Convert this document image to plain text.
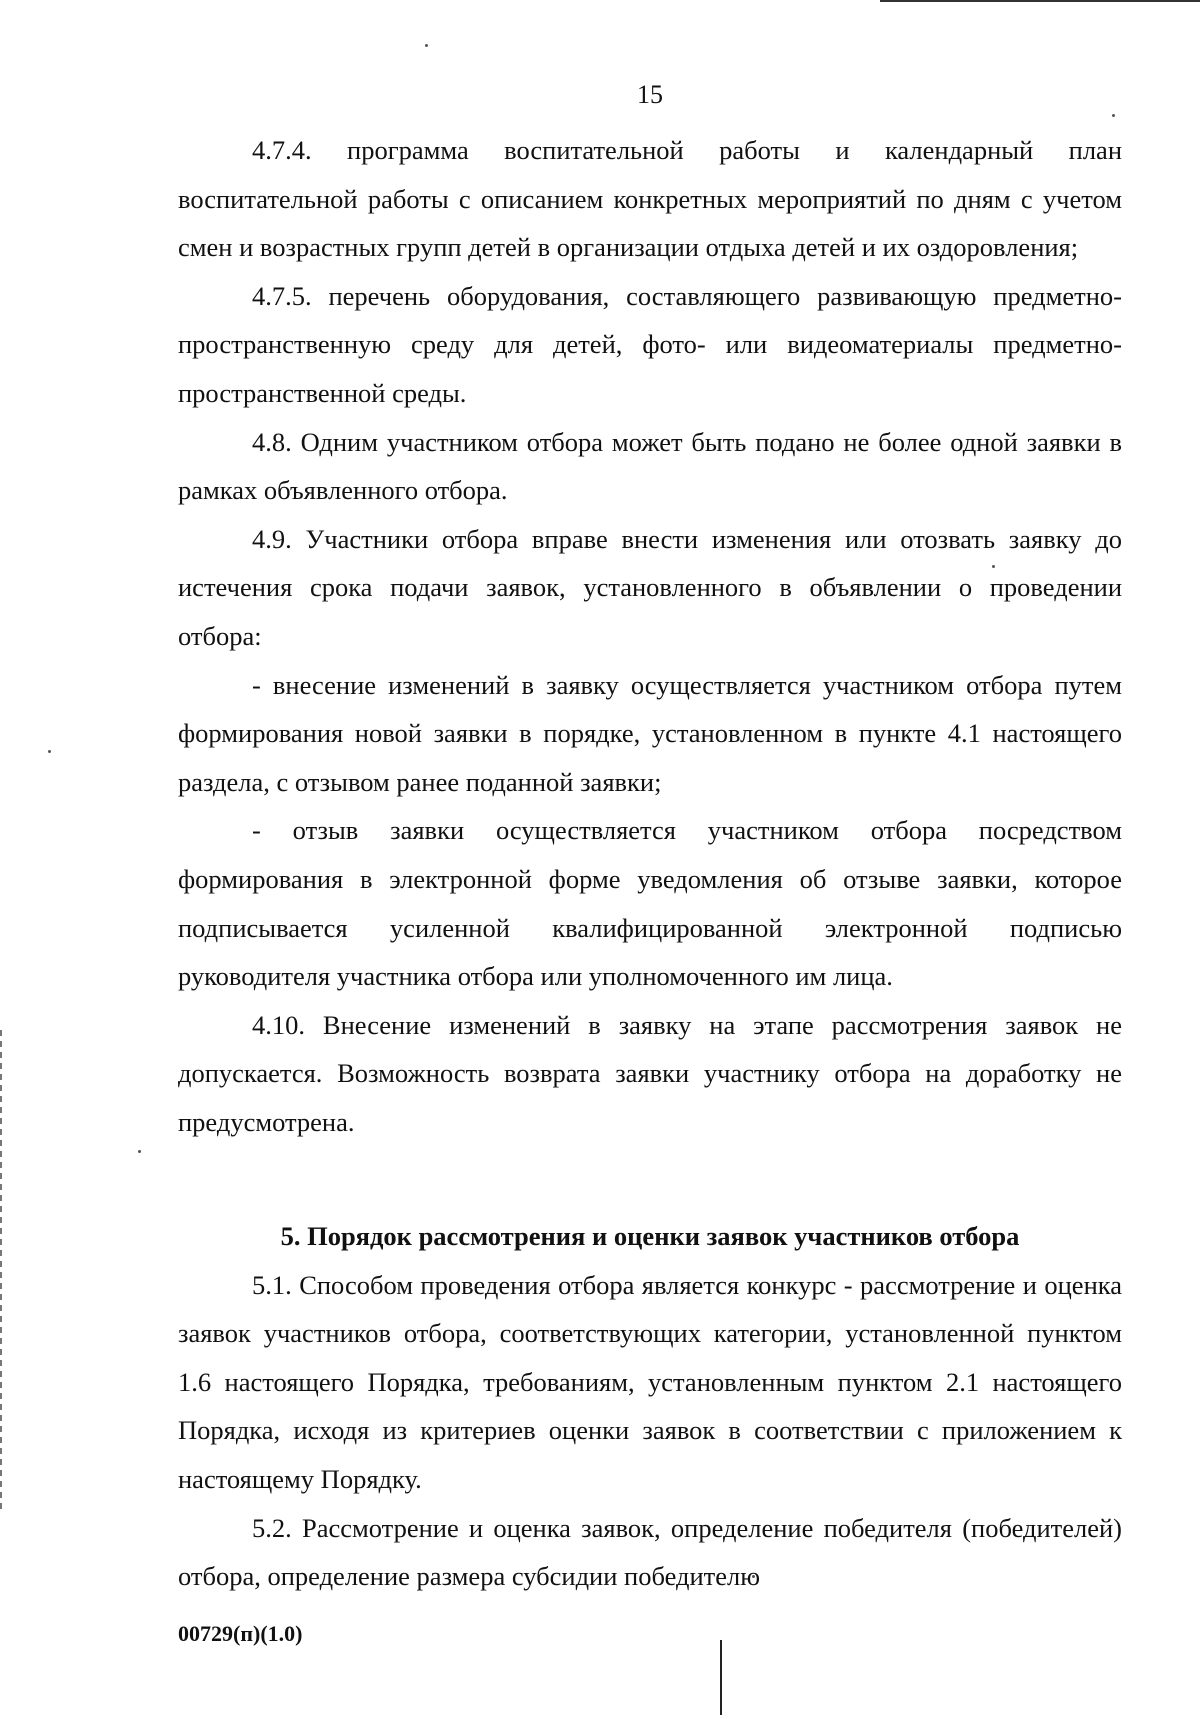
15

4.7.4. программа воспитательной работы и календарный план воспитательной работы с описанием конкретных мероприятий по дням с учетом смен и возрастных групп детей в организации отдыха детей и их оздоровления;

4.7.5. перечень оборудования, составляющего развивающую предметно-пространственную среду для детей, фото- или видеоматериалы предметно-пространственной среды.

4.8. Одним участником отбора может быть подано не более одной заявки в рамках объявленного отбора.

4.9. Участники отбора вправе внести изменения или отозвать заявку до истечения срока подачи заявок, установленного в объявлении о проведении отбора:

- внесение изменений в заявку осуществляется участником отбора путем формирования новой заявки в порядке, установленном в пункте 4.1 настоящего раздела, с отзывом ранее поданной заявки;

- отзыв заявки осуществляется участником отбора посредством формирования в электронной форме уведомления об отзыве заявки, которое подписывается усиленной квалифицированной электронной подписью руководителя участника отбора или уполномоченного им лица.

4.10. Внесение изменений в заявку на этапе рассмотрения заявок не допускается. Возможность возврата заявки участнику отбора на доработку не предусмотрена.

5. Порядок рассмотрения и оценки заявок участников отбора

5.1. Способом проведения отбора является конкурс - рассмотрение и оценка заявок участников отбора, соответствующих категории, установленной пунктом 1.6 настоящего Порядка, требованиям, установленным пунктом 2.1 настоящего Порядка, исходя из критериев оценки заявок в соответствии с приложением к настоящему Порядку.

5.2. Рассмотрение и оценка заявок, определение победителя (победителей) отбора, определение размера субсидии победителю

00729(п)(1.0)
